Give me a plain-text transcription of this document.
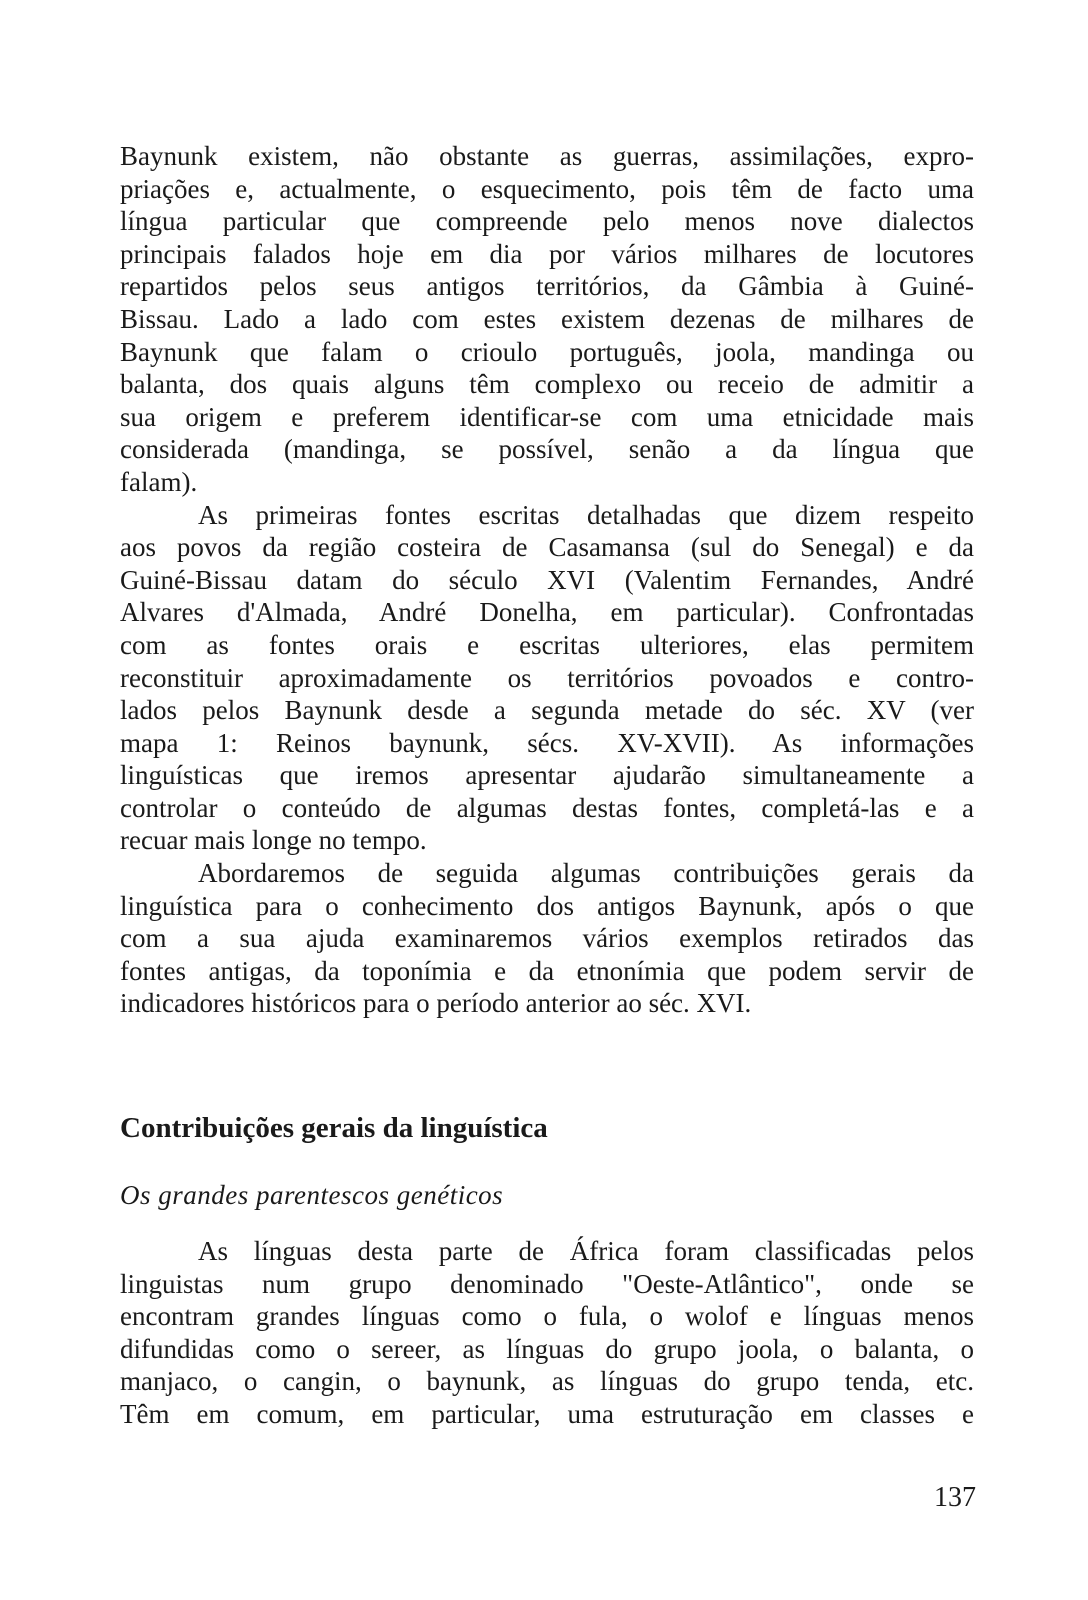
Baynunk existem, não obstante as guerras, assimilações, expro-
priações e, actualmente, o esquecimento, pois têm de facto uma
língua particular que compreende pelo menos nove dialectos
principais falados hoje em dia por vários milhares de locutores
repartidos pelos seus antigos territórios, da Gâmbia à Guiné-
Bissau. Lado a lado com estes existem dezenas de milhares de
Baynunk que falam o crioulo português, joola, mandinga ou
balanta, dos quais alguns têm complexo ou receio de admitir a
sua origem e preferem identificar-se com uma etnicidade mais
considerada (mandinga, se possível, senão a da língua que
falam).
As primeiras fontes escritas detalhadas que dizem respeito
aos povos da região costeira de Casamansa (sul do Senegal) e da
Guiné-Bissau datam do século XVI (Valentim Fernandes, André
Alvares d'Almada, André Donelha, em particular). Confrontadas
com as fontes orais e escritas ulteriores, elas permitem
reconstituir aproximadamente os territórios povoados e contro-
lados pelos Baynunk desde a segunda metade do séc. XV (ver
mapa 1: Reinos baynunk, sécs. XV-XVII). As informações
linguísticas que iremos apresentar ajudarão simultaneamente a
controlar o conteúdo de algumas destas fontes, completá-las e a
recuar mais longe no tempo.
Abordaremos de seguida algumas contribuições gerais da
linguística para o conhecimento dos antigos Baynunk, após o que
com a sua ajuda examinaremos vários exemplos retirados das
fontes antigas, da toponímia e da etnonímia que podem servir de
indicadores históricos para o período anterior ao séc. XVI.
Contribuições gerais da linguística
Os grandes parentescos genéticos
As línguas desta parte de África foram classificadas pelos
linguistas num grupo denominado "Oeste-Atlântico", onde se
encontram grandes línguas como o fula, o wolof e línguas menos
difundidas como o sereer, as línguas do grupo joola, o balanta, o
manjaco, o cangin, o baynunk, as línguas do grupo tenda, etc.
Têm em comum, em particular, uma estruturação em classes e
137
